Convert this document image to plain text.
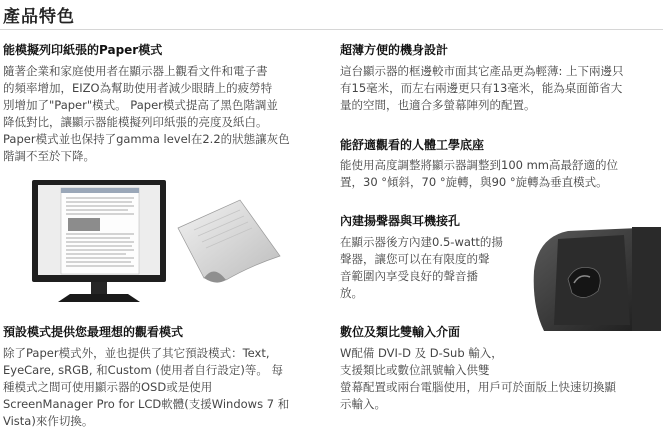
產品特色
能模擬列印紙張的Paper模式

隨著企業和家庭使用者在顯示器上觀看文件和電子書
的頻率增加，EIZO為幫助使用者減少眼睛上的疲勞特
別增加了"Paper"模式。 Paper模式提高了黑色階調並
降低對比，讓顯示器能模擬列印紙張的亮度及紙白。
Paper模式並也保持了gamma level在2.2的狀態讓灰色
階調不至於下降。

預設模式提供您最理想的觀看模式

除了Paper模式外，並也提供了其它預設模式：Text,
EyeCare, sRGB, 和Custom (使用者自行設定)等。 每
種模式之間可使用顯示器的OSD或是使用
ScreenManager Pro for LCD軟體(支援Windows 7 和
Vista)來作切換。

超薄方便的機身設計

這台顯示器的框邊較市面其它產品更為輕薄: 上下兩邊只
有15毫米，而左右兩邊更只有13毫米，能為桌面節省大
量的空間，也適合多螢幕陣列的配置。

能舒適觀看的人體工學底座

能使用高度調整將顯示器調整到100 mm高最舒適的位
置，30 °傾斜，70 °旋轉，與90 °旋轉為垂直模式。

內建揚聲器與耳機接孔

在顯示器後方內建0.5-watt的揚
聲器，讓您可以在有限度的聲
音範圍內享受良好的聲音播
放。

數位及類比雙輸入介面

W配備 DVI-D 及 D-Sub 輸入，
支援類比或數位訊號輸入供雙
螢幕配置或兩台電腦使用，用戶可於面版上快速切換顯
示輸入。
